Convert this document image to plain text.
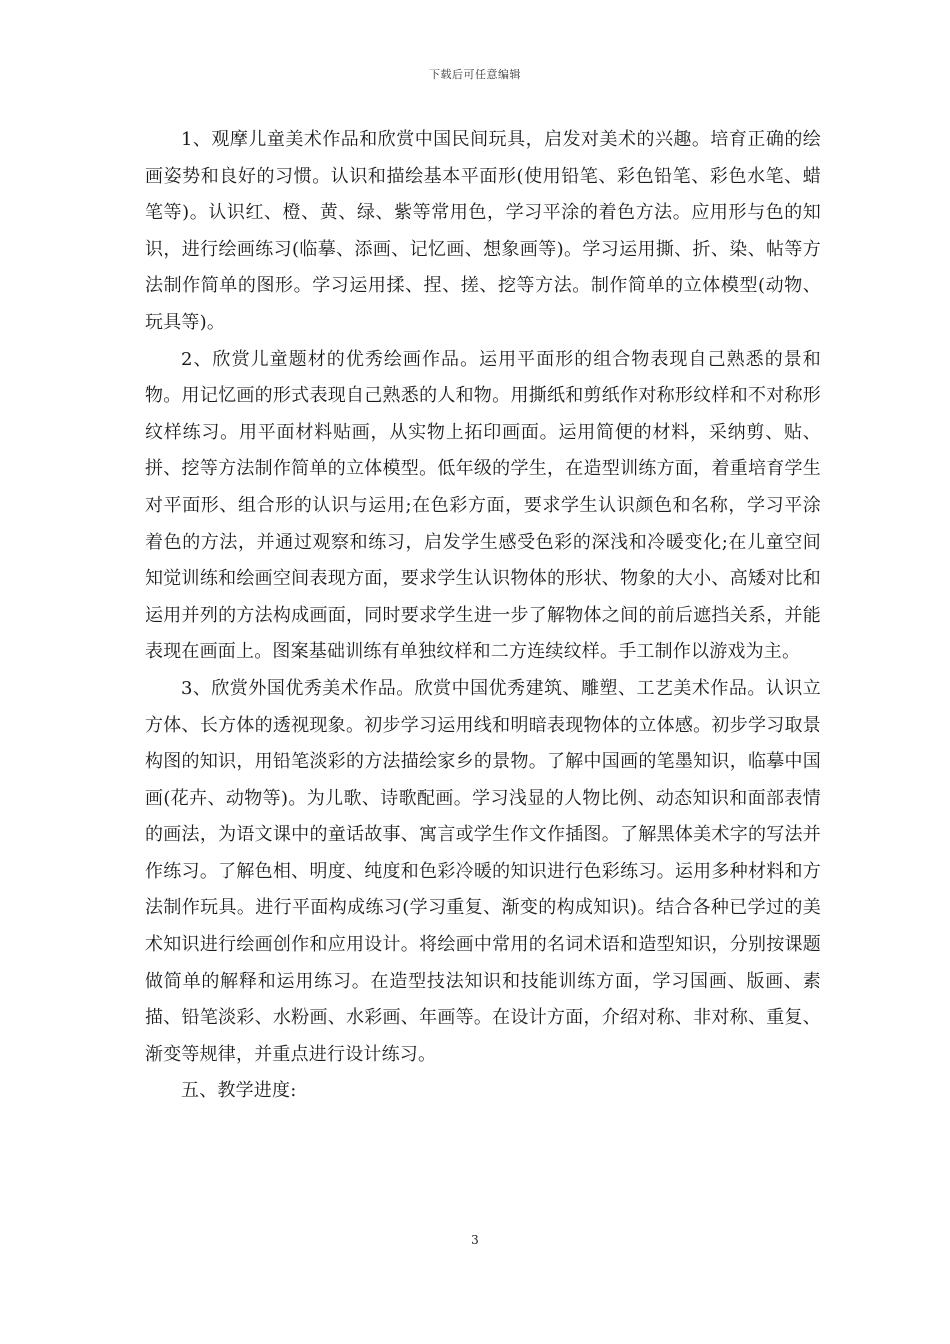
下载后可任意编辑

1、观摩儿童美术作品和欣赏中国民间玩具，启发对美术的兴趣。培育正确的绘画姿势和良好的习惯。认识和描绘基本平面形(使用铅笔、彩色铅笔、彩色水笔、蜡笔等)。认识红、橙、黄、绿、紫等常用色，学习平涂的着色方法。应用形与色的知识，进行绘画练习(临摹、添画、记忆画、想象画等)。学习运用撕、折、染、帖等方法制作简单的图形。学习运用揉、捏、搓、挖等方法。制作简单的立体模型(动物、玩具等)。

2、欣赏儿童题材的优秀绘画作品。运用平面形的组合物表现自己熟悉的景和物。用记忆画的形式表现自己熟悉的人和物。用撕纸和剪纸作对称形纹样和不对称形纹样练习。用平面材料贴画，从实物上拓印画面。运用简便的材料，采纳剪、贴、拼、挖等方法制作简单的立体模型。低年级的学生，在造型训练方面，着重培育学生对平面形、组合形的认识与运用;在色彩方面，要求学生认识颜色和名称，学习平涂着色的方法，并通过观察和练习，启发学生感受色彩的深浅和冷暖变化;在儿童空间知觉训练和绘画空间表现方面，要求学生认识物体的形状、物象的大小、高矮对比和运用并列的方法构成画面，同时要求学生进一步了解物体之间的前后遮挡关系，并能表现在画面上。图案基础训练有单独纹样和二方连续纹样。手工制作以游戏为主。

3、欣赏外国优秀美术作品。欣赏中国优秀建筑、雕塑、工艺美术作品。认识立方体、长方体的透视现象。初步学习运用线和明暗表现物体的立体感。初步学习取景构图的知识，用铅笔淡彩的方法描绘家乡的景物。了解中国画的笔墨知识，临摹中国画(花卉、动物等)。为儿歌、诗歌配画。学习浅显的人物比例、动态知识和面部表情的画法，为语文课中的童话故事、寓言或学生作文作插图。了解黑体美术字的写法并作练习。了解色相、明度、纯度和色彩冷暖的知识进行色彩练习。运用多种材料和方法制作玩具。进行平面构成练习(学习重复、渐变的构成知识)。结合各种已学过的美术知识进行绘画创作和应用设计。将绘画中常用的名词术语和造型知识，分别按课题做简单的解释和运用练习。在造型技法知识和技能训练方面，学习国画、版画、素描、铅笔淡彩、水粉画、水彩画、年画等。在设计方面，介绍对称、非对称、重复、渐变等规律，并重点进行设计练习。

五、教学进度:

3
